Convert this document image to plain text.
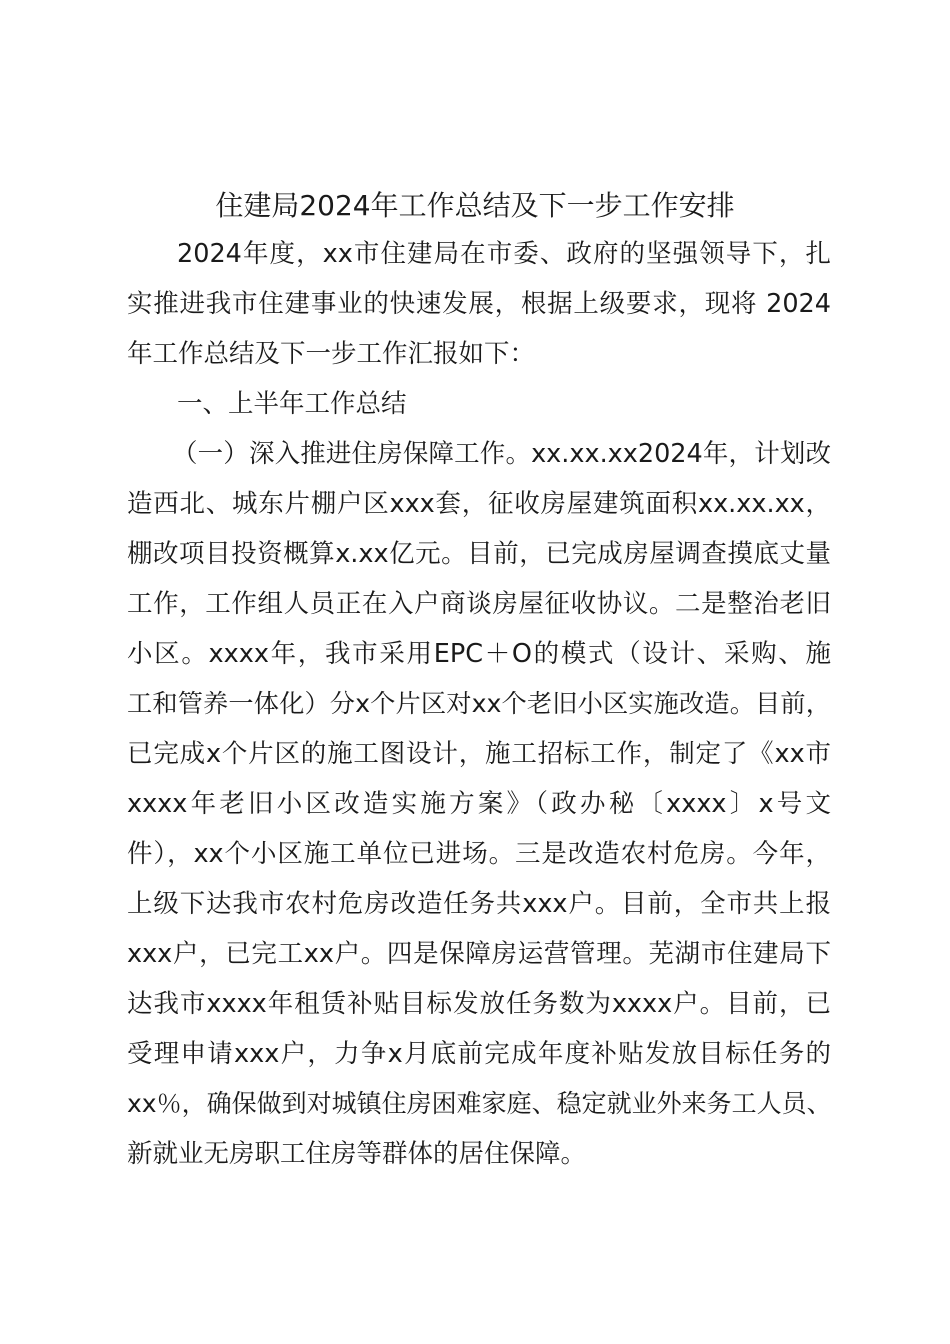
住建局2024年工作总结及下一步工作安排
2024年度，xx市住建局在市委、政府的坚强领导下，扎
实推进我市住建事业的快速发展，根据上级要求，现将 2024
年工作总结及下一步工作汇报如下：
一、上半年工作总结
（一）深入推进住房保障工作。xx.xx.xx2024年，计划改
造西北、城东片棚户区xxx套，征收房屋建筑面积xx.xx.xx，
棚改项目投资概算x.xx亿元。目前，已完成房屋调查摸底丈量
工作，工作组人员正在入户商谈房屋征收协议。二是整治老旧
小区。xxxx年，我市采用EPC＋O的模式（设计、采购、施
工和管养一体化）分x个片区对xx个老旧小区实施改造。目前，
已完成x个片区的施工图设计，施工招标工作，制定了《xx市
xxxx年老旧小区改造实施方案》（政办秘〔xxxx〕x号文
件），xx个小区施工单位已进场。三是改造农村危房。今年，
上级下达我市农村危房改造任务共xxx户。目前，全市共上报
xxx户，已完工xx户。四是保障房运营管理。芜湖市住建局下
达我市xxxx年租赁补贴目标发放任务数为xxxx户。目前，已
受理申请xxx户，力争x月底前完成年度补贴发放目标任务的
xx％，确保做到对城镇住房困难家庭、稳定就业外来务工人员、
新就业无房职工住房等群体的居住保障。
